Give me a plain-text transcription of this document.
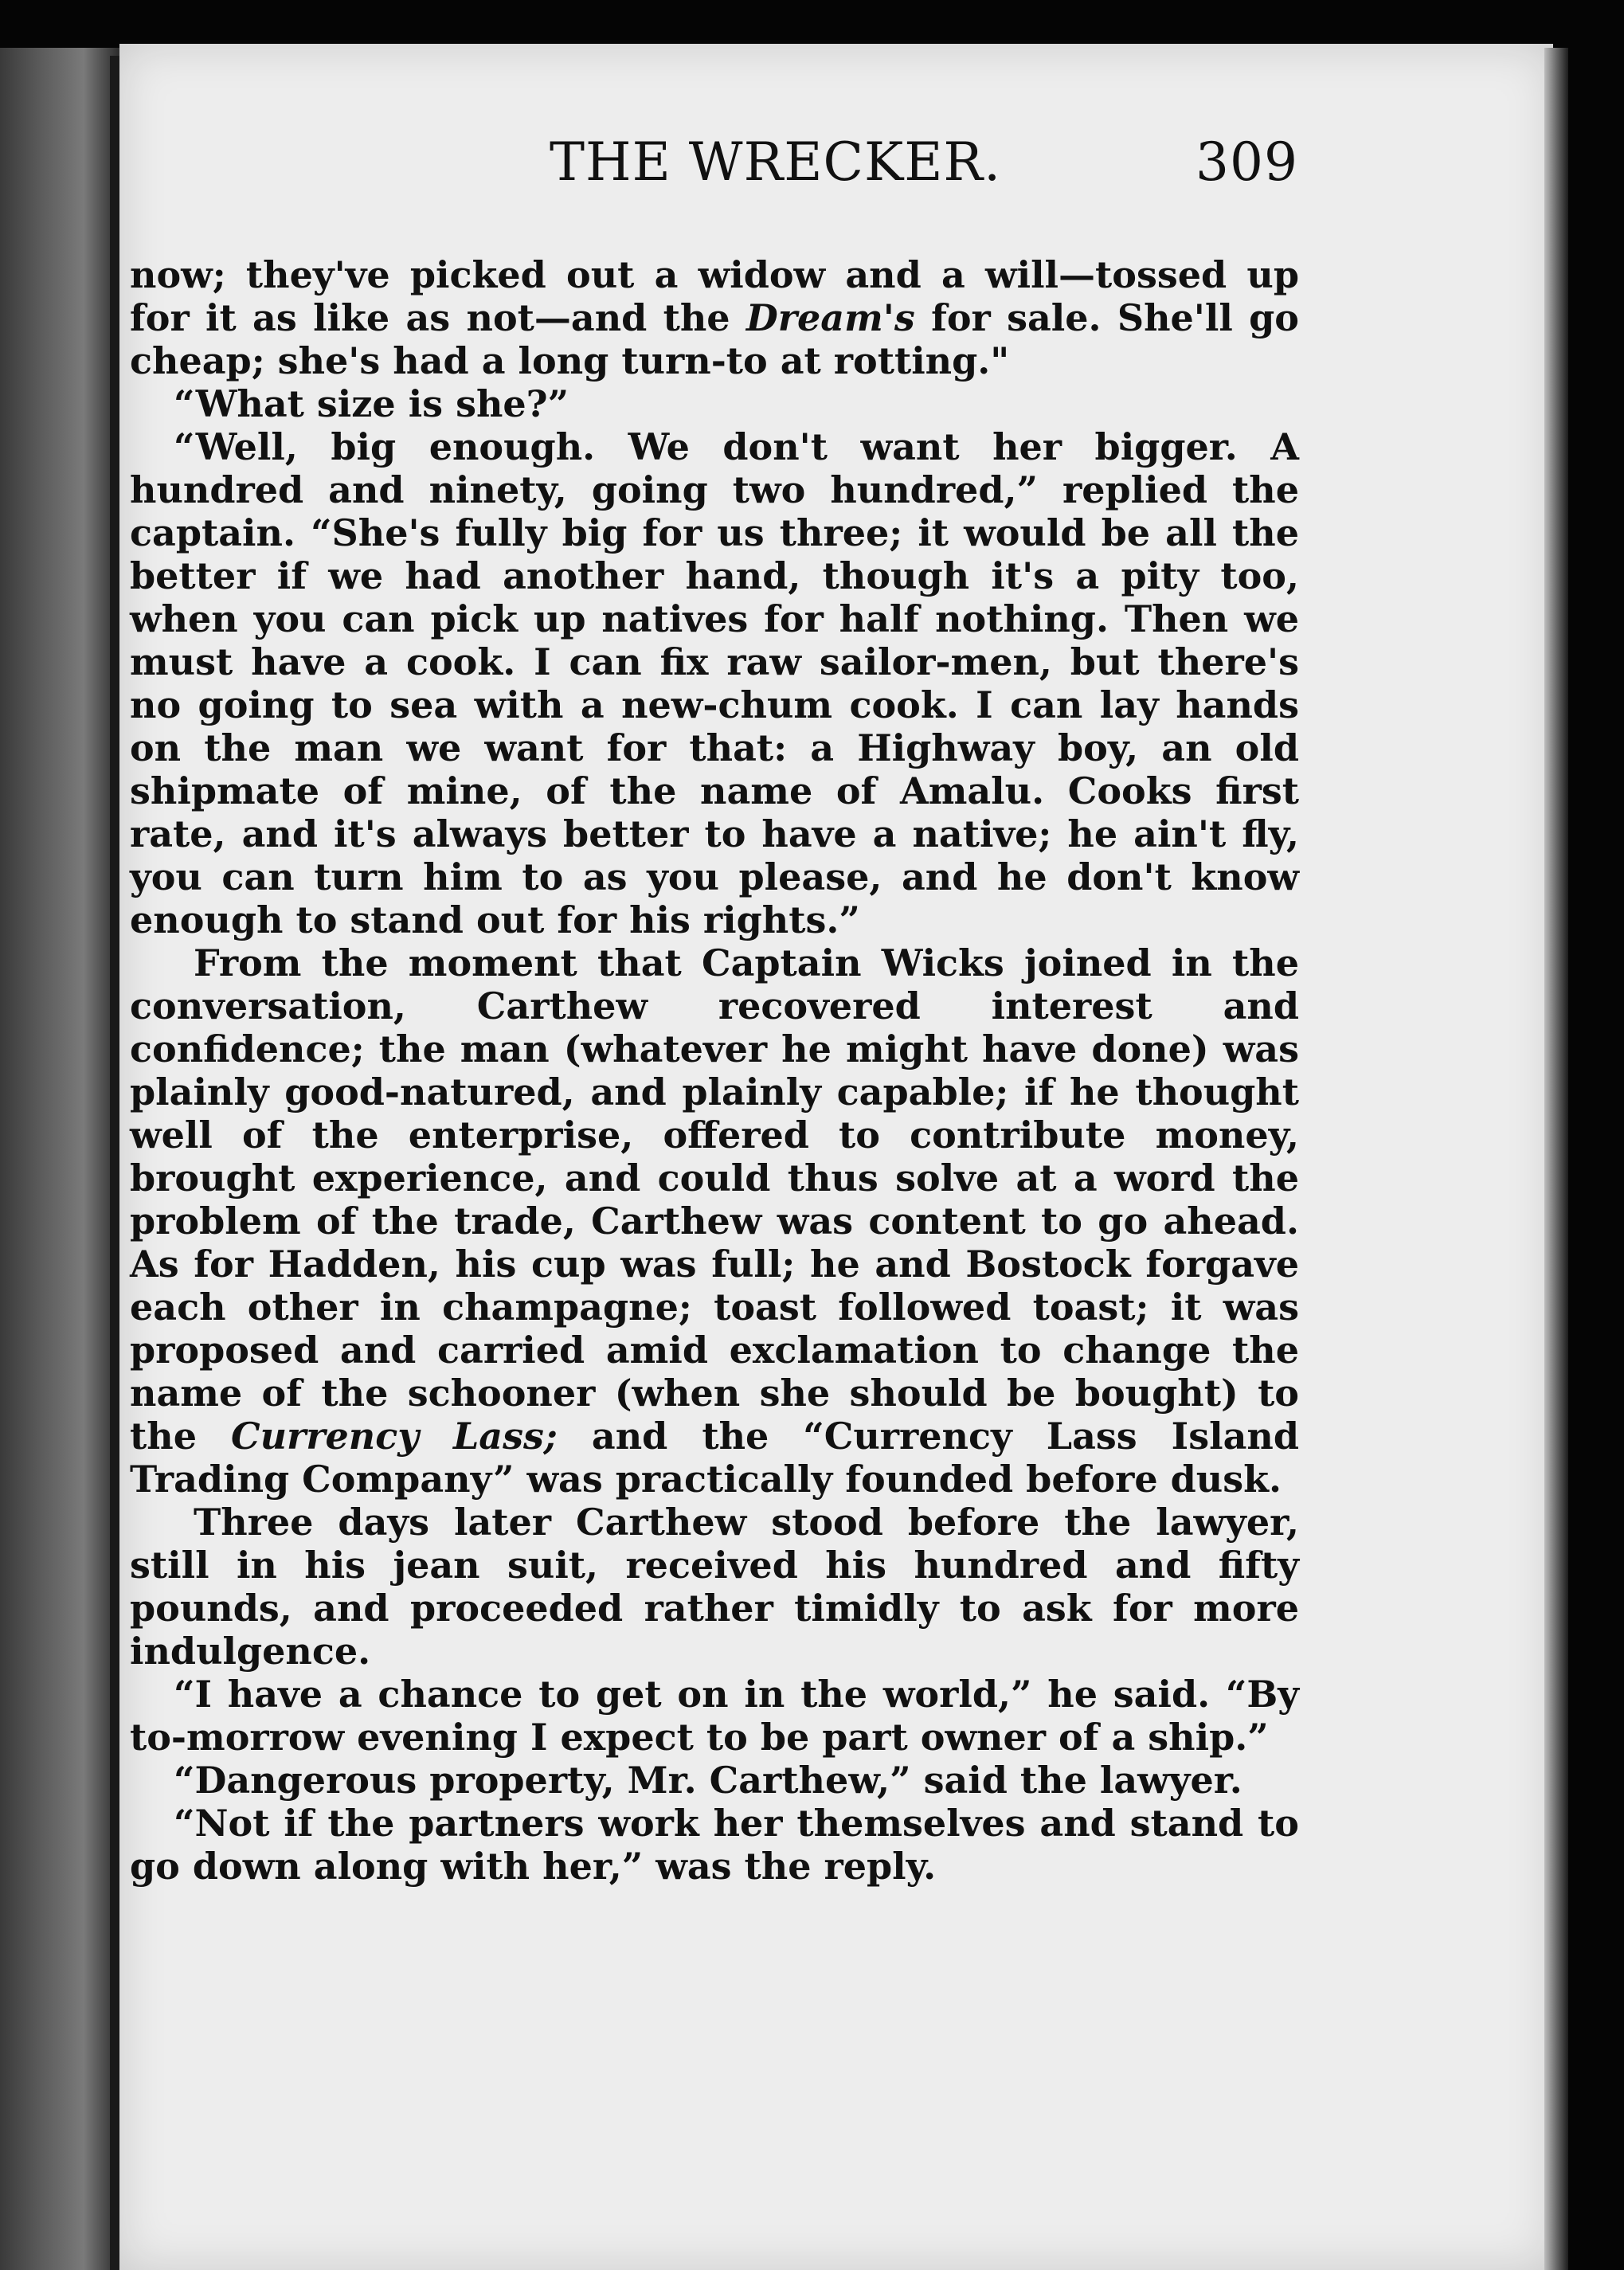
THE WRECKER.	309

now; they've picked out a widow and a will—tossed up for it as like as not—and the Dream's for sale. She'll go cheap; she's had a long turn-to at rotting."

“What size is she?”

“Well, big enough. We don't want her bigger. A hundred and ninety, going two hundred,” replied the captain. “She's fully big for us three; it would be all the better if we had another hand, though it's a pity too, when you can pick up natives for half nothing. Then we must have a cook. I can fix raw sailor-men, but there's no going to sea with a new-chum cook. I can lay hands on the man we want for that: a Highway boy, an old shipmate of mine, of the name of Amalu. Cooks first rate, and it's always better to have a native; he ain't fly, you can turn him to as you please, and he don't know enough to stand out for his rights.”

From the moment that Captain Wicks joined in the conversation, Carthew recovered interest and confidence; the man (whatever he might have done) was plainly good-natured, and plainly capable; if he thought well of the enterprise, offered to contribute money, brought experience, and could thus solve at a word the problem of the trade, Carthew was content to go ahead. As for Hadden, his cup was full; he and Bostock forgave each other in champagne; toast followed toast; it was proposed and carried amid exclamation to change the name of the schooner (when she should be bought) to the Currency Lass; and the “Currency Lass Island Trading Company” was practically founded before dusk.

Three days later Carthew stood before the lawyer, still in his jean suit, received his hundred and fifty pounds, and proceeded rather timidly to ask for more indulgence.

“I have a chance to get on in the world,” he said. “By to-morrow evening I expect to be part owner of a ship.”

“Dangerous property, Mr. Carthew,” said the lawyer.

“Not if the partners work her themselves and stand to go down along with her,” was the reply.
